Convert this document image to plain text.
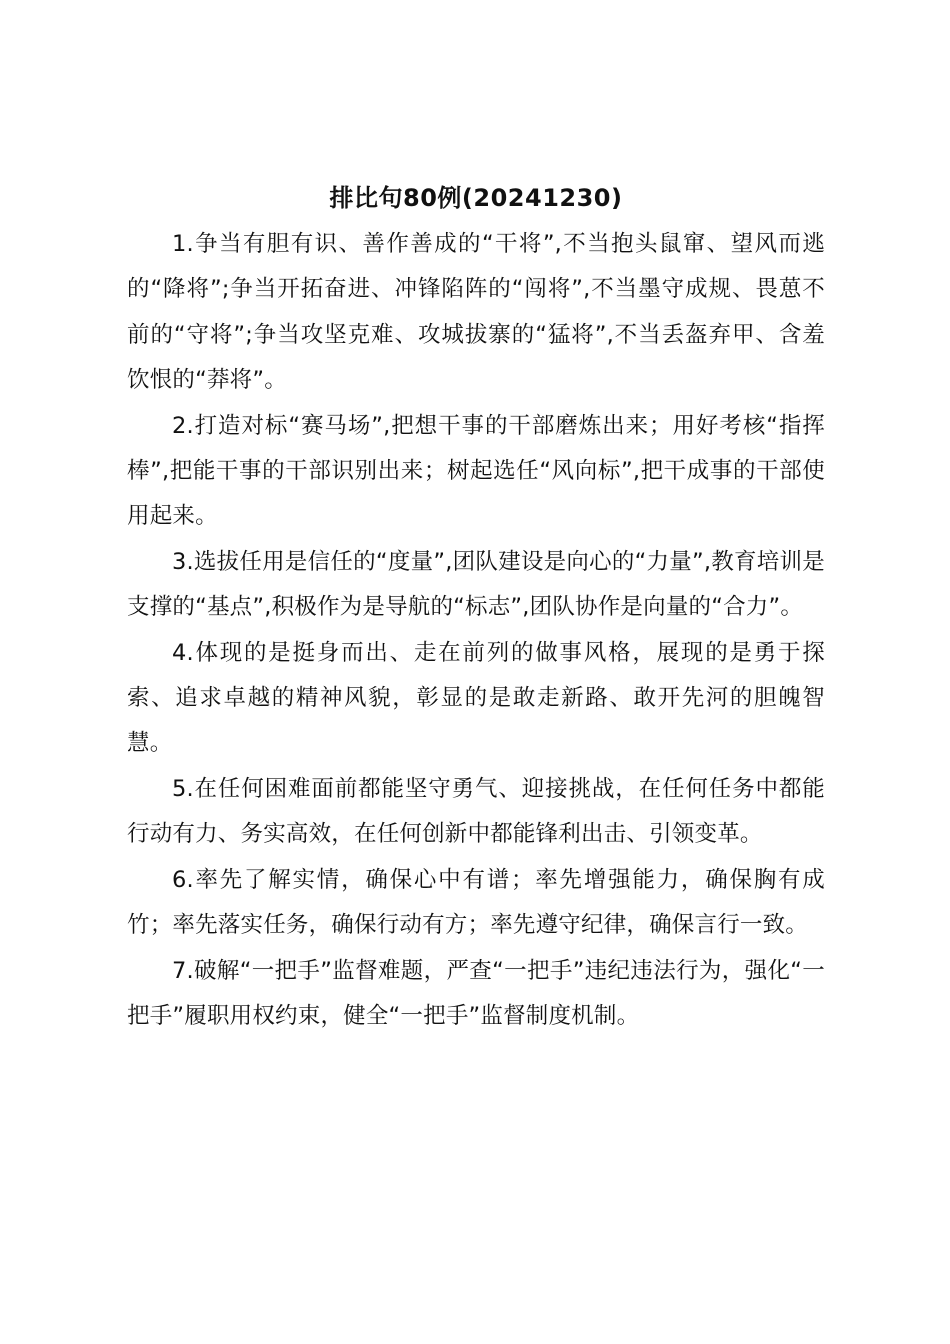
排比句80例(20241230)

1.争当有胆有识、善作善成的“干将”,不当抱头鼠窜、望风而逃的“降将”;争当开拓奋进、冲锋陷阵的“闯将”,不当墨守成规、畏葸不前的“守将”;争当攻坚克难、攻城拔寨的“猛将”,不当丢盔弃甲、含羞饮恨的“莽将”。

2.打造对标“赛马场”,把想干事的干部磨炼出来；用好考核“指挥棒”,把能干事的干部识别出来；树起选任“风向标”,把干成事的干部使用起来。

3.选拔任用是信任的“度量”,团队建设是向心的“力量”,教育培训是支撑的“基点”,积极作为是导航的“标志”,团队协作是向量的“合力”。

4.体现的是挺身而出、走在前列的做事风格，展现的是勇于探索、追求卓越的精神风貌，彰显的是敢走新路、敢开先河的胆魄智慧。

5.在任何困难面前都能坚守勇气、迎接挑战，在任何任务中都能行动有力、务实高效，在任何创新中都能锋利出击、引领变革。

6.率先了解实情，确保心中有谱；率先增强能力，确保胸有成竹；率先落实任务，确保行动有方；率先遵守纪律，确保言行一致。

7.破解“一把手”监督难题，严查“一把手”违纪违法行为，强化“一把手”履职用权约束，健全“一把手”监督制度机制。
